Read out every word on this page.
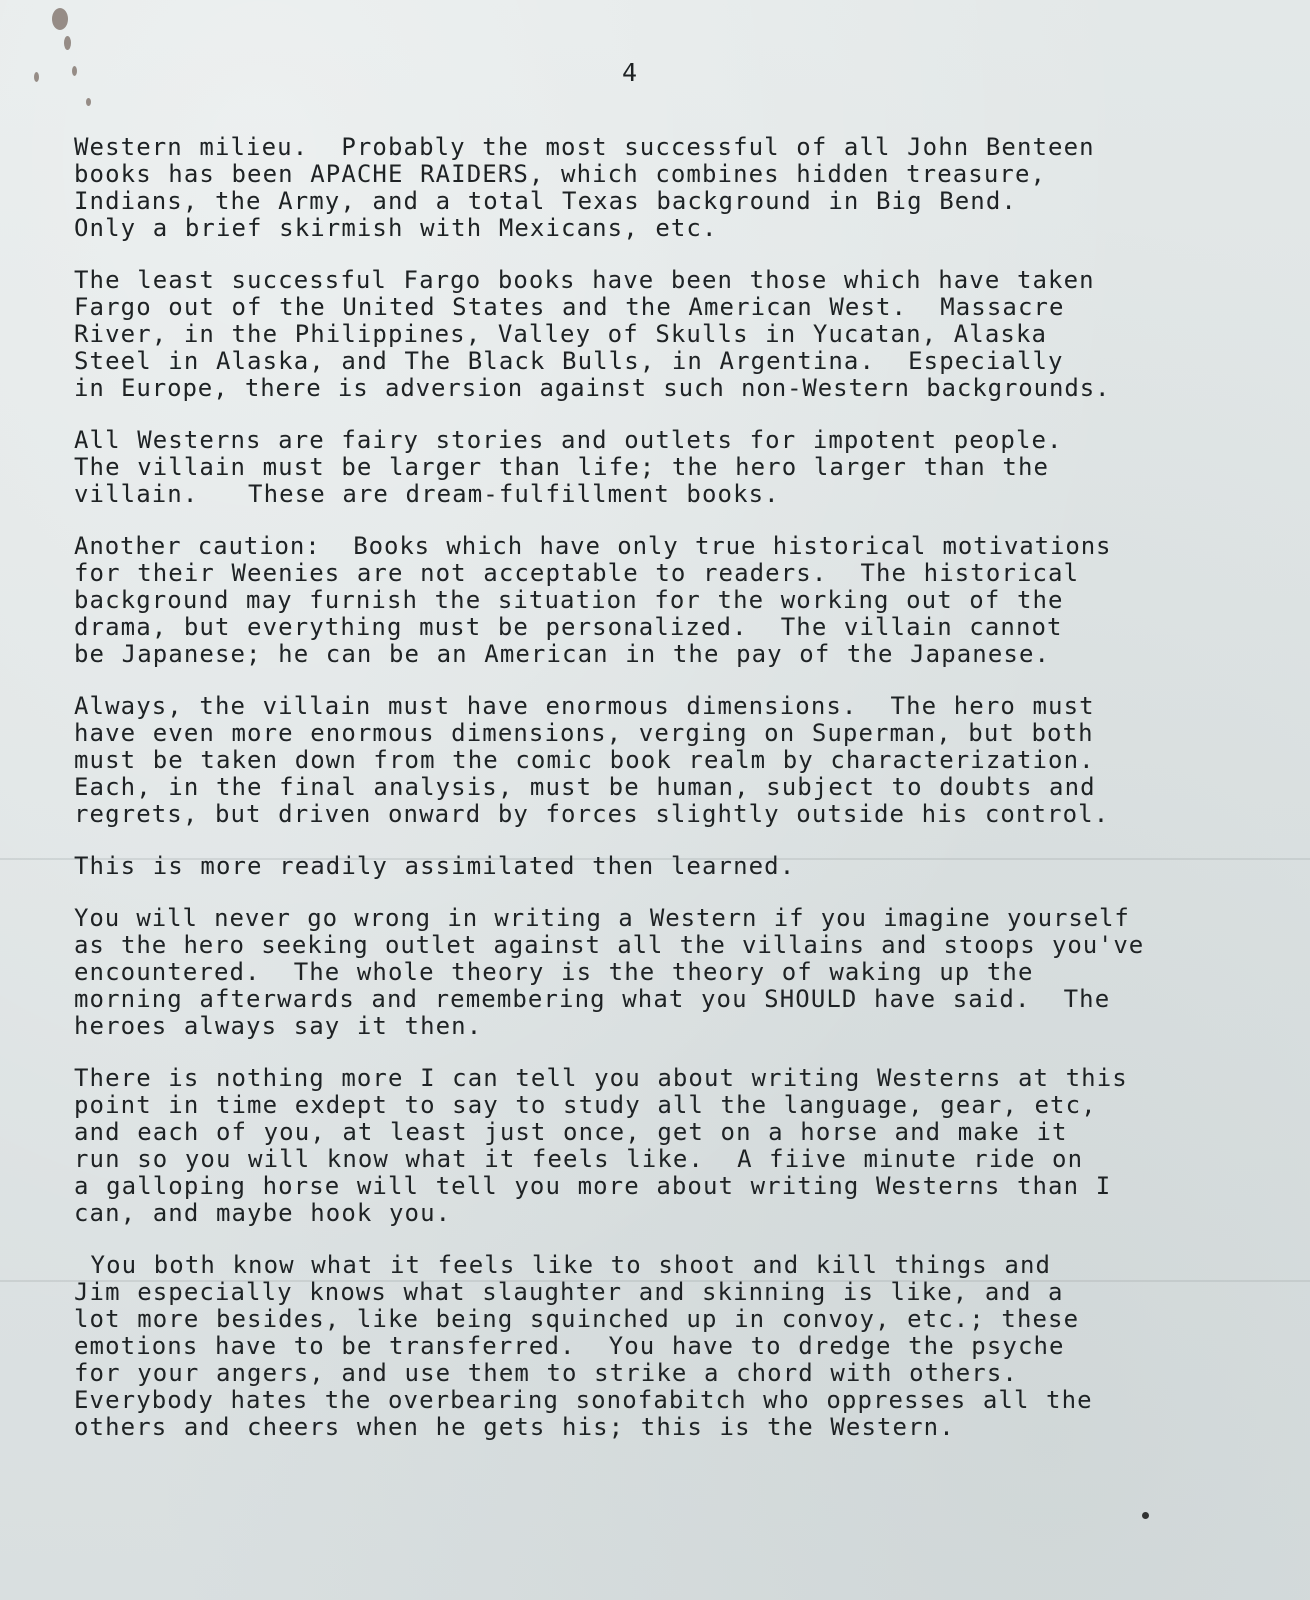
4
Western milieu.  Probably the most successful of all John Benteen
books has been APACHE RAIDERS, which combines hidden treasure,
Indians, the Army, and a total Texas background in Big Bend.
Only a brief skirmish with Mexicans, etc.
The least successful Fargo books have been those which have taken
Fargo out of the United States and the American West.  Massacre
River, in the Philippines, Valley of Skulls in Yucatan, Alaska
Steel in Alaska, and The Black Bulls, in Argentina.  Especially
in Europe, there is adversion against such non-Western backgrounds.
All Westerns are fairy stories and outlets for impotent people.
The villain must be larger than life; the hero larger than the
villain.   These are dream-fulfillment books.
Another caution:  Books which have only true historical motivations
for their Weenies are not acceptable to readers.  The historical
background may furnish the situation for the working out of the
drama, but everything must be personalized.  The villain cannot
be Japanese; he can be an American in the pay of the Japanese.
Always, the villain must have enormous dimensions.  The hero must
have even more enormous dimensions, verging on Superman, but both
must be taken down from the comic book realm by characterization.
Each, in the final analysis, must be human, subject to doubts and
regrets, but driven onward by forces slightly outside his control.
This is more readily assimilated then learned.
You will never go wrong in writing a Western if you imagine yourself
as the hero seeking outlet against all the villains and stoops you've
encountered.  The whole theory is the theory of waking up the
morning afterwards and remembering what you SHOULD have said.  The
heroes always say it then.
There is nothing more I can tell you about writing Westerns at this
point in time exdept to say to study all the language, gear, etc,
and each of you, at least just once, get on a horse and make it
run so you will know what it feels like.  A fiive minute ride on
a galloping horse will tell you more about writing Westerns than I
can, and maybe hook you.
You both know what it feels like to shoot and kill things and
Jim especially knows what slaughter and skinning is like, and a
lot more besides, like being squinched up in convoy, etc.; these
emotions have to be transferred.  You have to dredge the psyche
for your angers, and use them to strike a chord with others.
Everybody hates the overbearing sonofabitch who oppresses all the
others and cheers when he gets his; this is the Western.
